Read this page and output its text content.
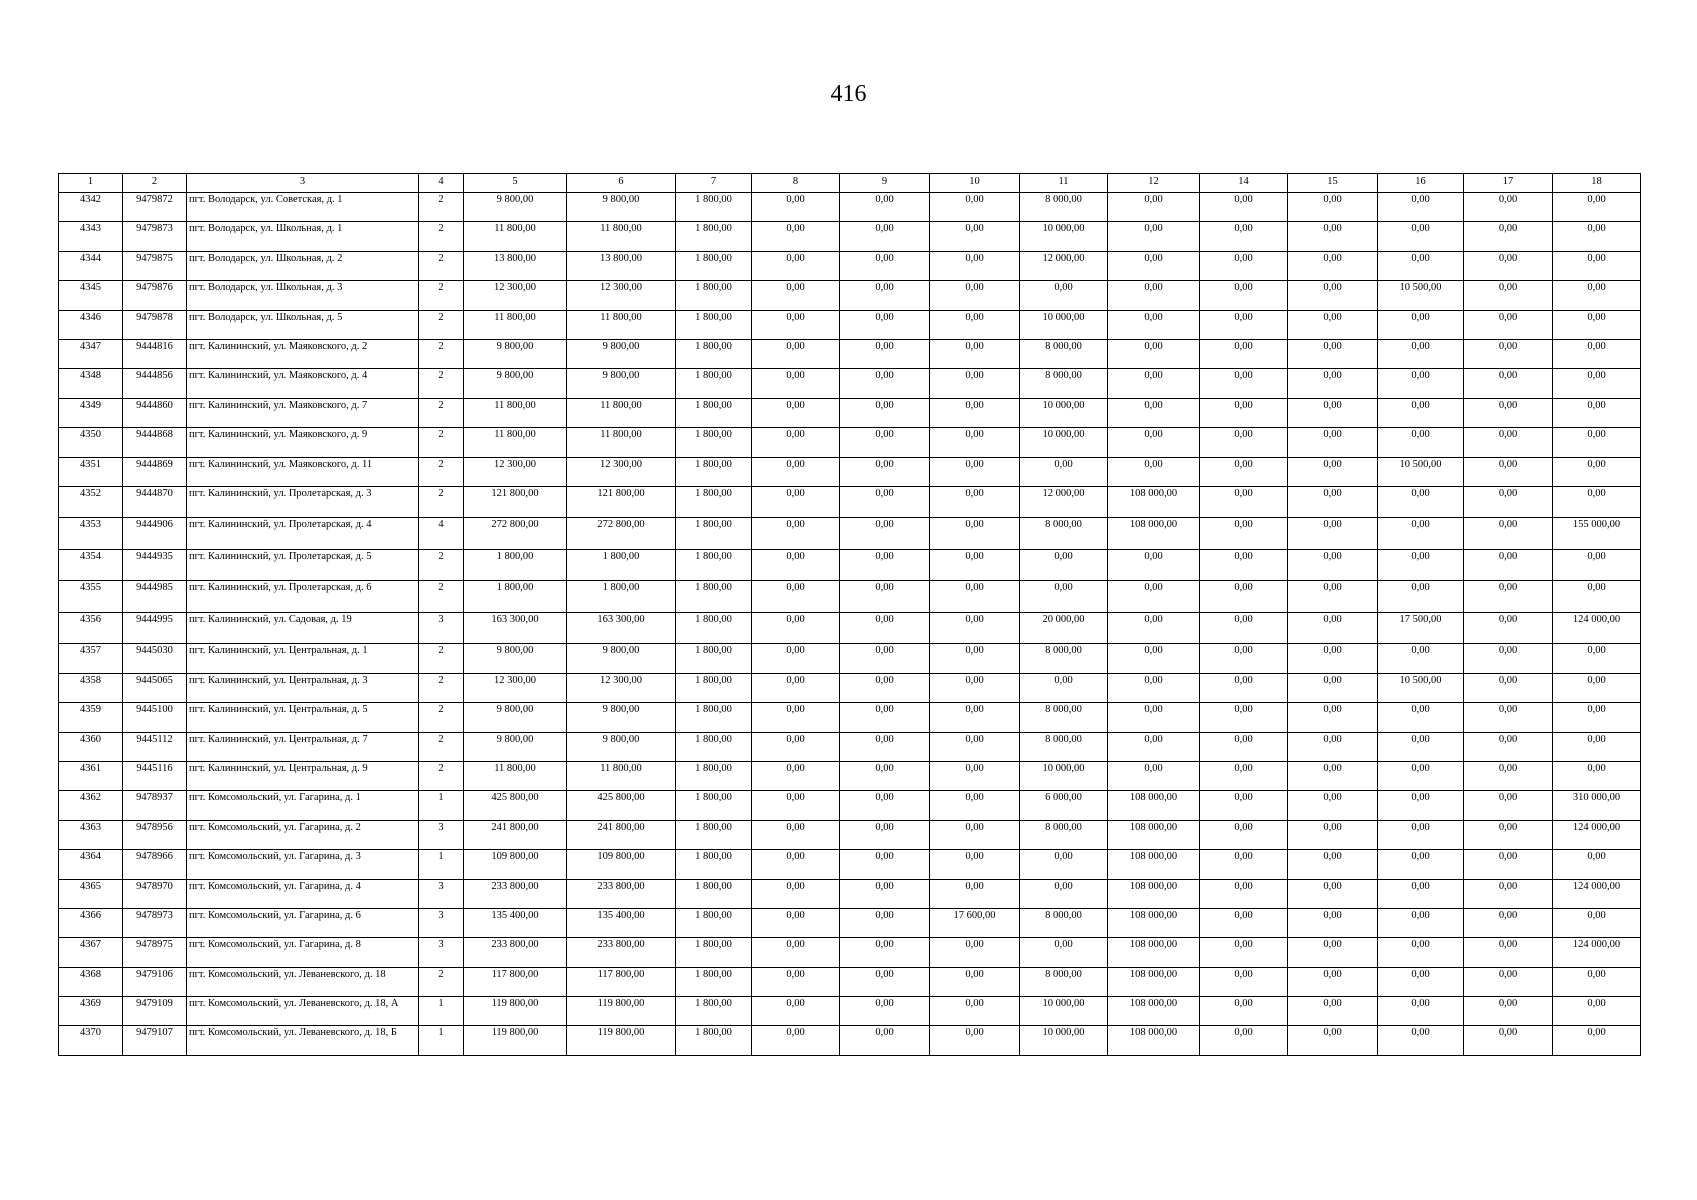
416
1	2	3	4	5	6	7	8	9	10	11	12	14	15	16	17	18
4342	9479872	пгт. Володарск, ул. Советская, д. 1	2	9 800,00	9 800,00	1 800,00	0,00	0,00	0,00	8 000,00	0,00	0,00	0,00	0,00	0,00	0,00
4343	9479873	пгт. Володарск, ул. Школьная, д. 1	2	11 800,00	11 800,00	1 800,00	0,00	0,00	0,00	10 000,00	0,00	0,00	0,00	0,00	0,00	0,00
4344	9479875	пгт. Володарск, ул. Школьная, д. 2	2	13 800,00	13 800,00	1 800,00	0,00	0,00	0,00	12 000,00	0,00	0,00	0,00	0,00	0,00	0,00
4345	9479876	пгт. Володарск, ул. Школьная, д. 3	2	12 300,00	12 300,00	1 800,00	0,00	0,00	0,00	0,00	0,00	0,00	0,00	10 500,00	0,00	0,00
4346	9479878	пгт. Володарск, ул. Школьная, д. 5	2	11 800,00	11 800,00	1 800,00	0,00	0,00	0,00	10 000,00	0,00	0,00	0,00	0,00	0,00	0,00
4347	9444816	пгт. Калининский, ул. Маяковского, д. 2	2	9 800,00	9 800,00	1 800,00	0,00	0,00	0,00	8 000,00	0,00	0,00	0,00	0,00	0,00	0,00
4348	9444856	пгт. Калининский, ул. Маяковского, д. 4	2	9 800,00	9 800,00	1 800,00	0,00	0,00	0,00	8 000,00	0,00	0,00	0,00	0,00	0,00	0,00
4349	9444860	пгт. Калининский, ул. Маяковского, д. 7	2	11 800,00	11 800,00	1 800,00	0,00	0,00	0,00	10 000,00	0,00	0,00	0,00	0,00	0,00	0,00
4350	9444868	пгт. Калининский, ул. Маяковского, д. 9	2	11 800,00	11 800,00	1 800,00	0,00	0,00	0,00	10 000,00	0,00	0,00	0,00	0,00	0,00	0,00
4351	9444869	пгт. Калининский, ул. Маяковского, д. 11	2	12 300,00	12 300,00	1 800,00	0,00	0,00	0,00	0,00	0,00	0,00	0,00	10 500,00	0,00	0,00
4352	9444870	пгт. Калининский, ул. Пролетарская, д. 3	2	121 800,00	121 800,00	1 800,00	0,00	0,00	0,00	12 000,00	108 000,00	0,00	0,00	0,00	0,00	0,00
4353	9444906	пгт. Калининский, ул. Пролетарская, д. 4	4	272 800,00	272 800,00	1 800,00	0,00	0,00	0,00	8 000,00	108 000,00	0,00	0,00	0,00	0,00	155 000,00
4354	9444935	пгт. Калининский, ул. Пролетарская, д. 5	2	1 800,00	1 800,00	1 800,00	0,00	0,00	0,00	0,00	0,00	0,00	0,00	0,00	0,00	0,00
4355	9444985	пгт. Калининский, ул. Пролетарская, д. 6	2	1 800,00	1 800,00	1 800,00	0,00	0,00	0,00	0,00	0,00	0,00	0,00	0,00	0,00	0,00
4356	9444995	пгт. Калининский, ул. Садовая, д. 19	3	163 300,00	163 300,00	1 800,00	0,00	0,00	0,00	20 000,00	0,00	0,00	0,00	17 500,00	0,00	124 000,00
4357	9445030	пгт. Калининский, ул. Центральная, д. 1	2	9 800,00	9 800,00	1 800,00	0,00	0,00	0,00	8 000,00	0,00	0,00	0,00	0,00	0,00	0,00
4358	9445065	пгт. Калининский, ул. Центральная, д. 3	2	12 300,00	12 300,00	1 800,00	0,00	0,00	0,00	0,00	0,00	0,00	0,00	10 500,00	0,00	0,00
4359	9445100	пгт. Калининский, ул. Центральная, д. 5	2	9 800,00	9 800,00	1 800,00	0,00	0,00	0,00	8 000,00	0,00	0,00	0,00	0,00	0,00	0,00
4360	9445112	пгт. Калининский, ул. Центральная, д. 7	2	9 800,00	9 800,00	1 800,00	0,00	0,00	0,00	8 000,00	0,00	0,00	0,00	0,00	0,00	0,00
4361	9445116	пгт. Калининский, ул. Центральная, д. 9	2	11 800,00	11 800,00	1 800,00	0,00	0,00	0,00	10 000,00	0,00	0,00	0,00	0,00	0,00	0,00
4362	9478937	пгт. Комсомольский, ул. Гагарина, д. 1	1	425 800,00	425 800,00	1 800,00	0,00	0,00	0,00	6 000,00	108 000,00	0,00	0,00	0,00	0,00	310 000,00
4363	9478956	пгт. Комсомольский, ул. Гагарина, д. 2	3	241 800,00	241 800,00	1 800,00	0,00	0,00	0,00	8 000,00	108 000,00	0,00	0,00	0,00	0,00	124 000,00
4364	9478966	пгт. Комсомольский, ул. Гагарина, д. 3	1	109 800,00	109 800,00	1 800,00	0,00	0,00	0,00	0,00	108 000,00	0,00	0,00	0,00	0,00	0,00
4365	9478970	пгт. Комсомольский, ул. Гагарина, д. 4	3	233 800,00	233 800,00	1 800,00	0,00	0,00	0,00	0,00	108 000,00	0,00	0,00	0,00	0,00	124 000,00
4366	9478973	пгт. Комсомольский, ул. Гагарина, д. 6	3	135 400,00	135 400,00	1 800,00	0,00	0,00	17 600,00	8 000,00	108 000,00	0,00	0,00	0,00	0,00	0,00
4367	9478975	пгт. Комсомольский, ул. Гагарина, д. 8	3	233 800,00	233 800,00	1 800,00	0,00	0,00	0,00	0,00	108 000,00	0,00	0,00	0,00	0,00	124 000,00
4368	9479106	пгт. Комсомольский, ул. Леваневского, д. 18	2	117 800,00	117 800,00	1 800,00	0,00	0,00	0,00	8 000,00	108 000,00	0,00	0,00	0,00	0,00	0,00
4369	9479109	пгт. Комсомольский, ул. Леваневского, д. 18, А	1	119 800,00	119 800,00	1 800,00	0,00	0,00	0,00	10 000,00	108 000,00	0,00	0,00	0,00	0,00	0,00
4370	9479107	пгт. Комсомольский, ул. Леваневского, д. 18, Б	1	119 800,00	119 800,00	1 800,00	0,00	0,00	0,00	10 000,00	108 000,00	0,00	0,00	0,00	0,00	0,00
